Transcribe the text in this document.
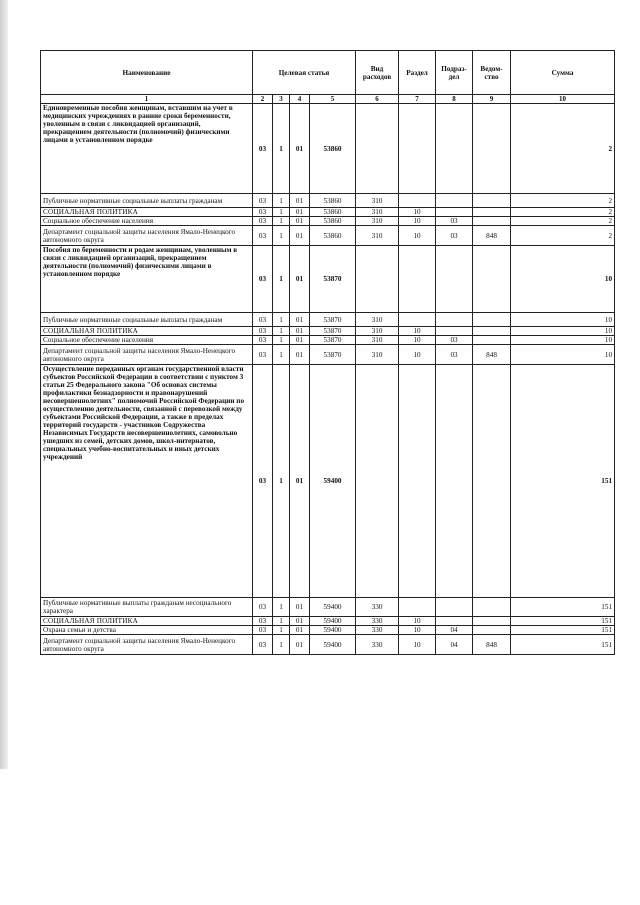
Наименование	Целевая статья				Вид расходов	Раздел	Подраз-дел	Ведом-ство	Сумма
1	2	3	4	5	6	7	8	9	10
Единовременные пособия женщинам, вставшим на учет в медицинских учреждениях в ранние сроки беременности, уволенным в связи с ликвидацией организаций, прекращением деятельности (полномочий) физическими лицами в установленном порядке	03	1	01	53860					2
Публичные нормативные социальные выплаты гражданам	03	1	01	53860	310				2
СОЦИАЛЬНАЯ ПОЛИТИКА	03	1	01	53860	310	10			2
Социальное обеспечение населения	03	1	01	53860	310	10	03		2
Департамент социальной защиты населения Ямало-Ненецкого автономного округа	03	1	01	53860	310	10	03	848	2
Пособия по беременности и родам женщинам, уволенным в связи с ликвидацией организаций, прекращением деятельности (полномочий) физическими лицами в установленном порядке	03	1	01	53870					10
Публичные нормативные социальные выплаты гражданам	03	1	01	53870	310				10
СОЦИАЛЬНАЯ ПОЛИТИКА	03	1	01	53870	310	10			10
Социальное обеспечение населения	03	1	01	53870	310	10	03		10
Департамент социальной защиты населения Ямало-Ненецкого автономного округа	03	1	01	53870	310	10	03	848	10
Осуществление переданных органам государственной власти субъектов Российской Федерации в соответствии с пунктом 3 статьи 25 Федерального закона "Об основах системы профилактики безнадзорности и правонарушений несовершеннолетних" полномочий Российской Федерации по осуществлению деятельности, связанной с перевозкой между субъектами Российской Федерации, а также в пределах территорий государств - участников Содружества Независимых Государств несовершеннолетних, самовольно ушедших из семей, детских домов, школ-интернатов, специальных учебно-воспитательных и иных детских учреждений	03	1	01	59400					151
Публичные нормативные выплаты гражданам несоциального характера	03	1	01	59400	330				151
СОЦИАЛЬНАЯ ПОЛИТИКА	03	1	01	59400	330	10			151
Охрана семьи и детства	03	1	01	59400	330	10	04		151
Департамент социальной защиты населения Ямало-Ненецкого автономного округа	03	1	01	59400	330	10	04	848	151
